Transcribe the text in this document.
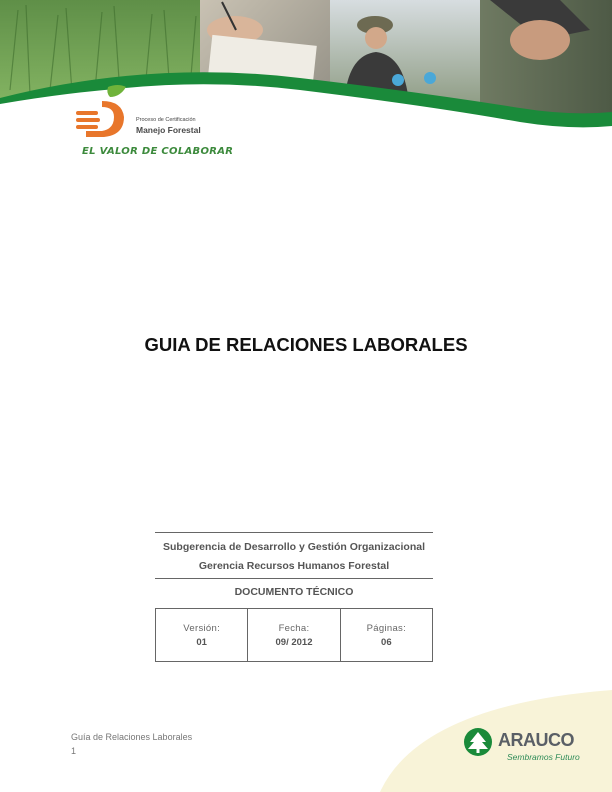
Proceso de Certificación
Manejo Forestal
EL VALOR DE COLABORAR
GUIA DE RELACIONES LABORALES
Subgerencia de Desarrollo y Gestión Organizacional
Gerencia Recursos Humanos Forestal
DOCUMENTO TÉCNICO
Versión:
01

Fecha:
09/ 2012

Páginas:
06
Guía de Relaciones Laborales
1
ARAUCO
Sembramos Futuro
